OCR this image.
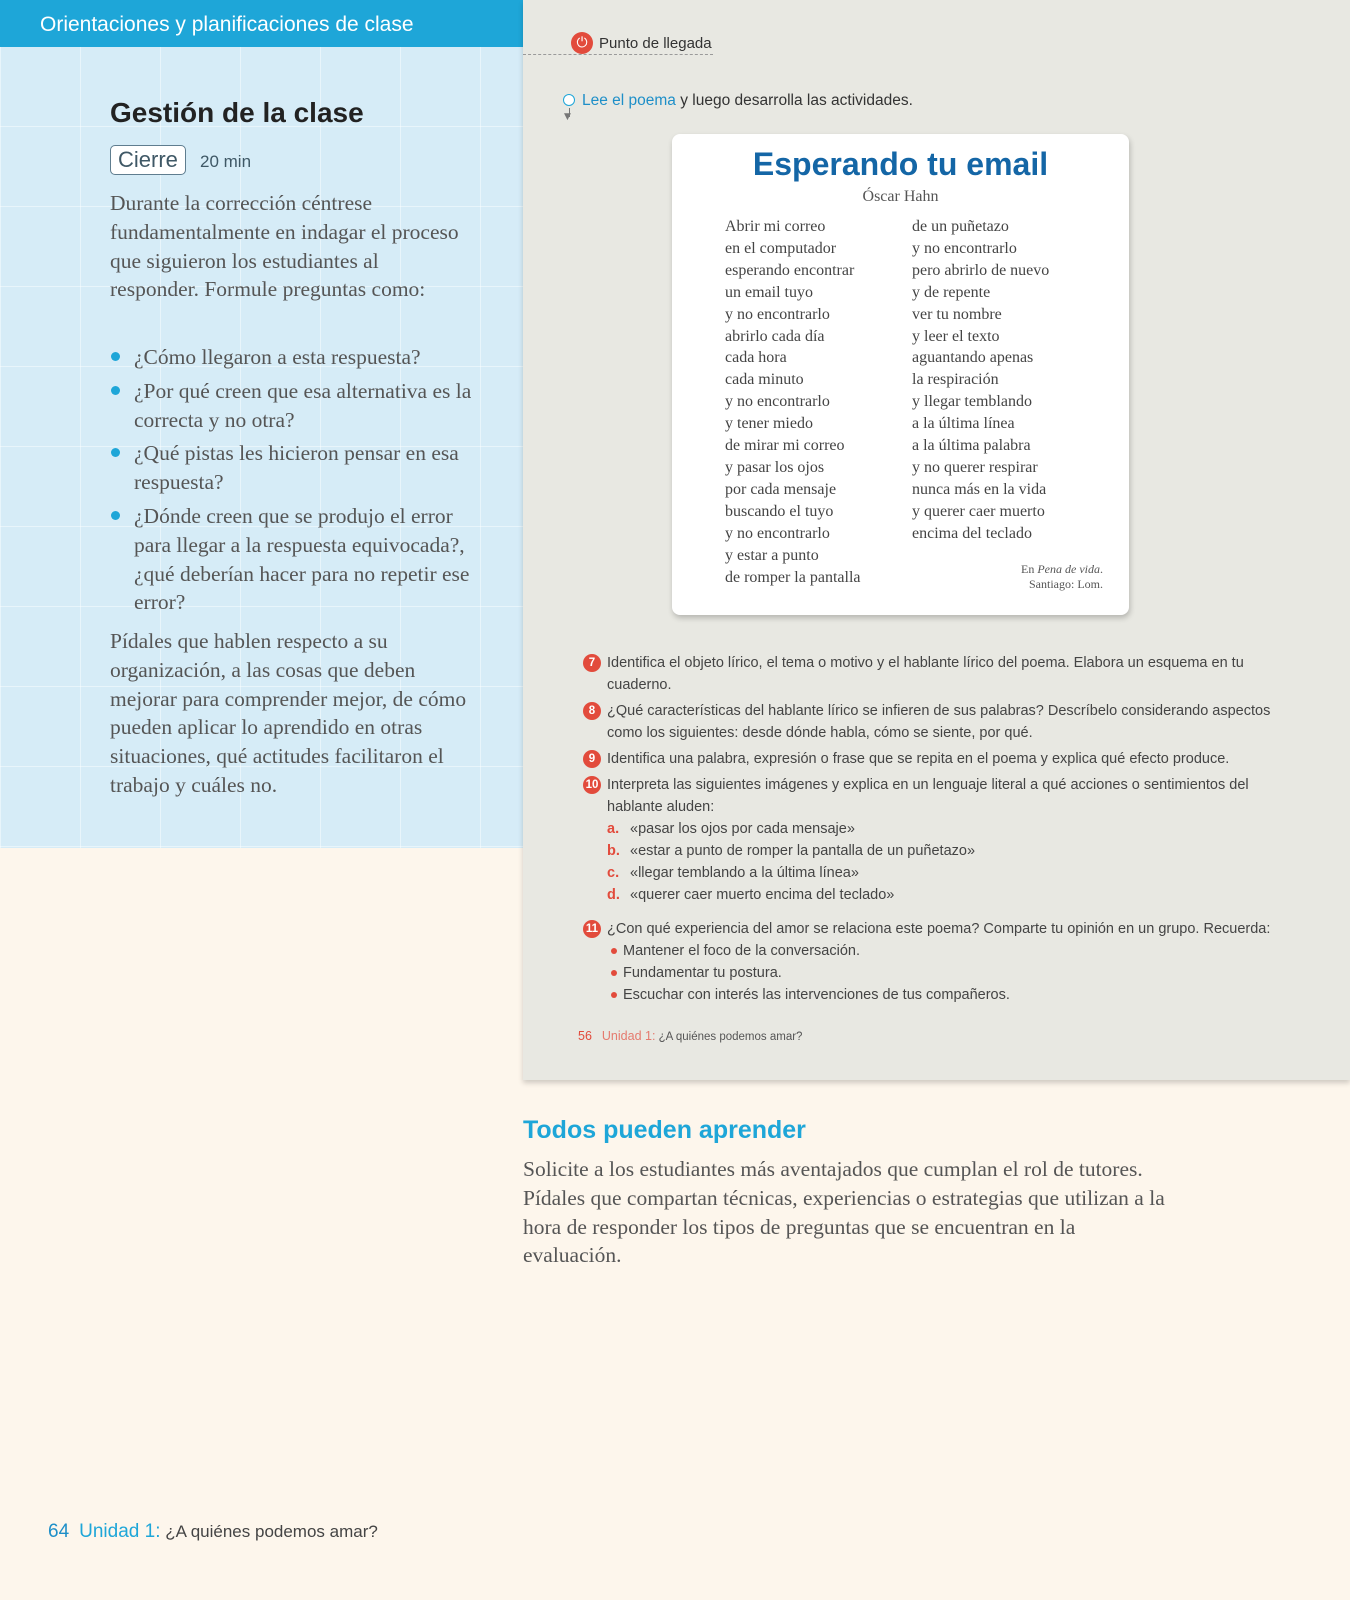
Orientaciones y planificaciones de clase
Gestión de la clase
Cierre	20 min

Durante la corrección céntrese fundamentalmente en indagar el proceso que siguieron los estudiantes al responder. Formule preguntas como:

¿Cómo llegaron a esta respuesta?
¿Por qué creen que esa alternativa es la correcta y no otra?
¿Qué pistas les hicieron pensar en esa respuesta?
¿Dónde creen que se produjo el error para llegar a la respuesta equivocada?, ¿qué deberían hacer para no repetir ese error?

Pídales que hablen respecto a su organización, a las cosas que deben mejorar para comprender mejor, de cómo pueden aplicar lo aprendido en otras situaciones, qué actitudes facilitaron el trabajo y cuáles no.

⏻ Punto de llegada
▼
Lee el poema y luego desarrolla las actividades.
Esperando tu email
Óscar Hahn
Abrir mi correo
en el computador
esperando encontrar
un email tuyo
y no encontrarlo
abrirlo cada día
cada hora
cada minuto
y no encontrarlo
y tener miedo
de mirar mi correo
y pasar los ojos
por cada mensaje
buscando el tuyo
y no encontrarlo
y estar a punto
de romper la pantalla
de un puñetazo
y no encontrarlo
pero abrirlo de nuevo
y de repente
ver tu nombre
y leer el texto
aguantando apenas
la respiración
y llegar temblando
a la última línea
a la última palabra
y no querer respirar
nunca más en la vida
y querer caer muerto
encima del teclado
En Pena de vida.
Santiago: Lom.
7 Identifica el objeto lírico, el tema o motivo y el hablante lírico del poema. Elabora un esquema en tu cuaderno.
8 ¿Qué características del hablante lírico se infieren de sus palabras? Descríbelo considerando aspectos como los siguientes: desde dónde habla, cómo se siente, por qué.
9 Identifica una palabra, expresión o frase que se repita en el poema y explica qué efecto produce.
10 Interpreta las siguientes imágenes y explica en un lenguaje literal a qué acciones o sentimientos del hablante aluden:
a. «pasar los ojos por cada mensaje»
b. «estar a punto de romper la pantalla de un puñetazo»
c. «llegar temblando a la última línea»
d. «querer caer muerto encima del teclado»
11 ¿Con qué experiencia del amor se relaciona este poema? Comparte tu opinión en un grupo. Recuerda:
Mantener el foco de la conversación.
Fundamentar tu postura.
Escuchar con interés las intervenciones de tus compañeros.
56 Unidad 1: ¿A quiénes podemos amar?
Todos pueden aprender

Solicite a los estudiantes más aventajados que cumplan el rol de tutores. Pídales que compartan técnicas, experiencias o estrategias que utilizan a la hora de responder los tipos de preguntas que se encuentran en la evaluación.

64 Unidad 1: ¿A quiénes podemos amar?
